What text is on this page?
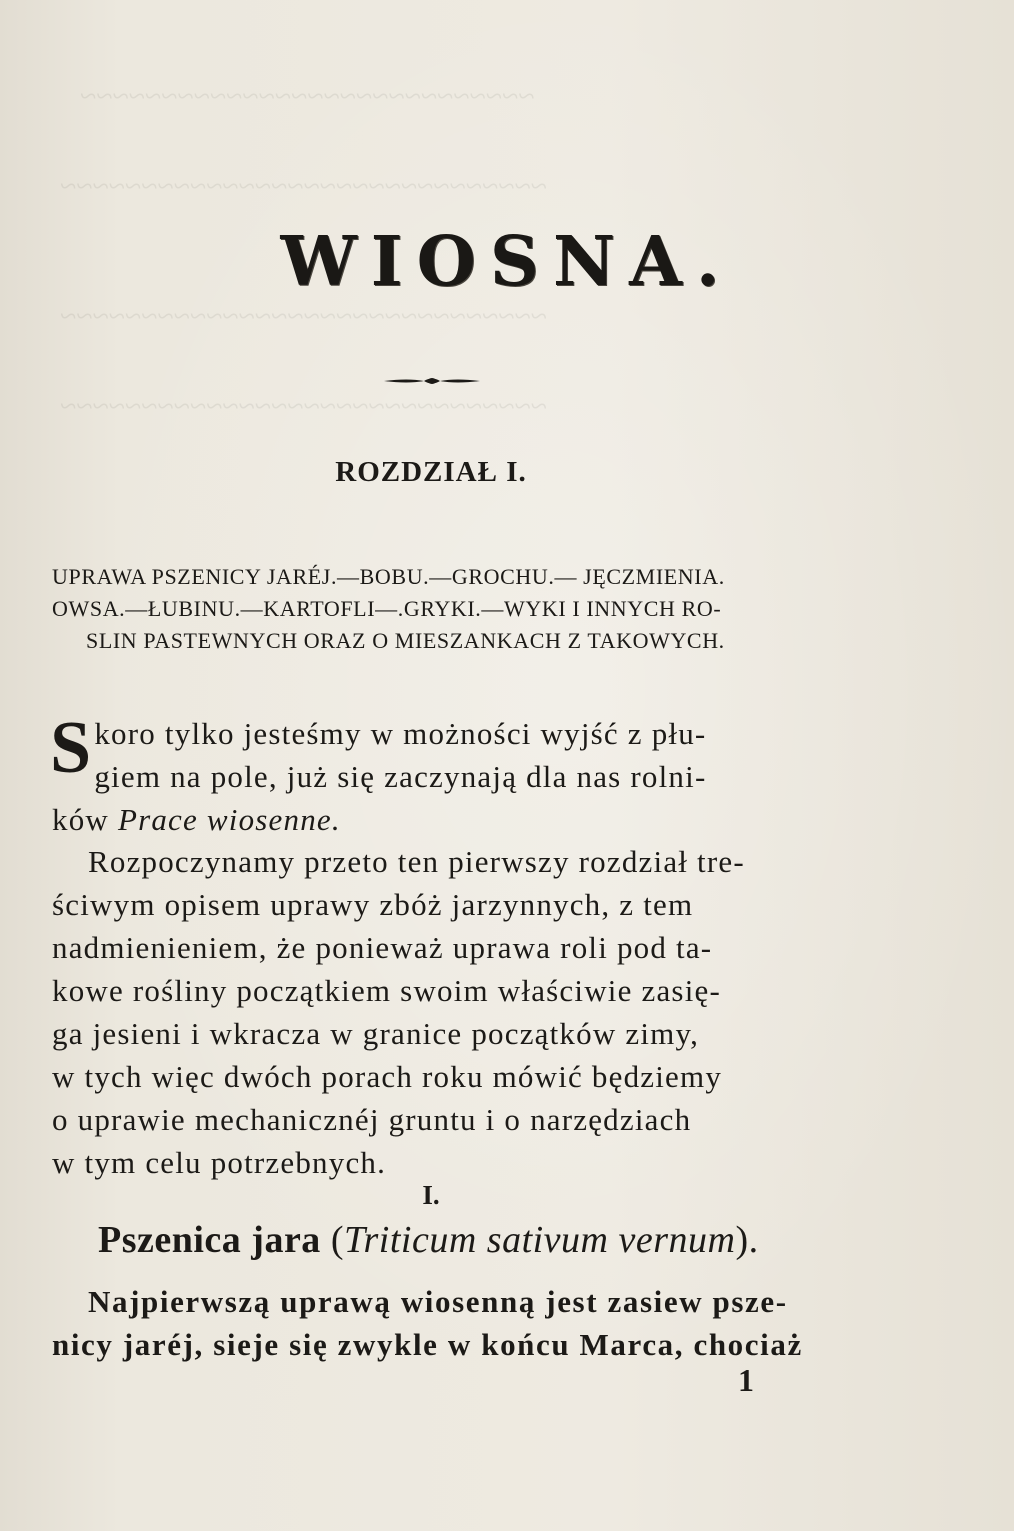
~~~~~~~~~~~~~~~~~~~~~~~~~~~~
~~~~~~~~~~~~~~~~~~~~~~~~~~~~~~
~~~~~~~~~~~~~~~~~~~~~~~~~~~~~~
~~~~~~~~~~~~~~~~~~~~~~~~~~~~~~
WIOSNA.
ROZDZIAŁ I.
UPRAWA PSZENICY JARÉJ.—BOBU.—GROCHU.— JĘCZMIENIA.
OWSA.—ŁUBINU.—KARTOFLI—.GRYKI.—WYKI I INNYCH RO-
SLIN PASTEWNYCH ORAZ O MIESZANKACH Z TAKOWYCH.
S koro tylko jesteśmy w możności wyjść z płu-
giem na pole, już się zaczynają dla nas rolni-
ków Prace wiosenne.
Rozpoczynamy przeto ten pierwszy rozdział tre-
ściwym opisem uprawy zbóż jarzynnych, z tem
nadmienieniem, że ponieważ uprawa roli pod ta-
kowe rośliny początkiem swoim właściwie zasię-
ga jesieni i wkracza w granice początków zimy,
w tych więc dwóch porach roku mówić będziemy
o uprawie mechanicznéj gruntu i o narzędziach
w tym celu potrzebnych.
I.
Pszenica jara (Triticum sativum vernum).
Najpierwszą uprawą wiosenną jest zasiew psze-
nicy jaréj, sieje się zwykle w końcu Marca, chociaż
1
